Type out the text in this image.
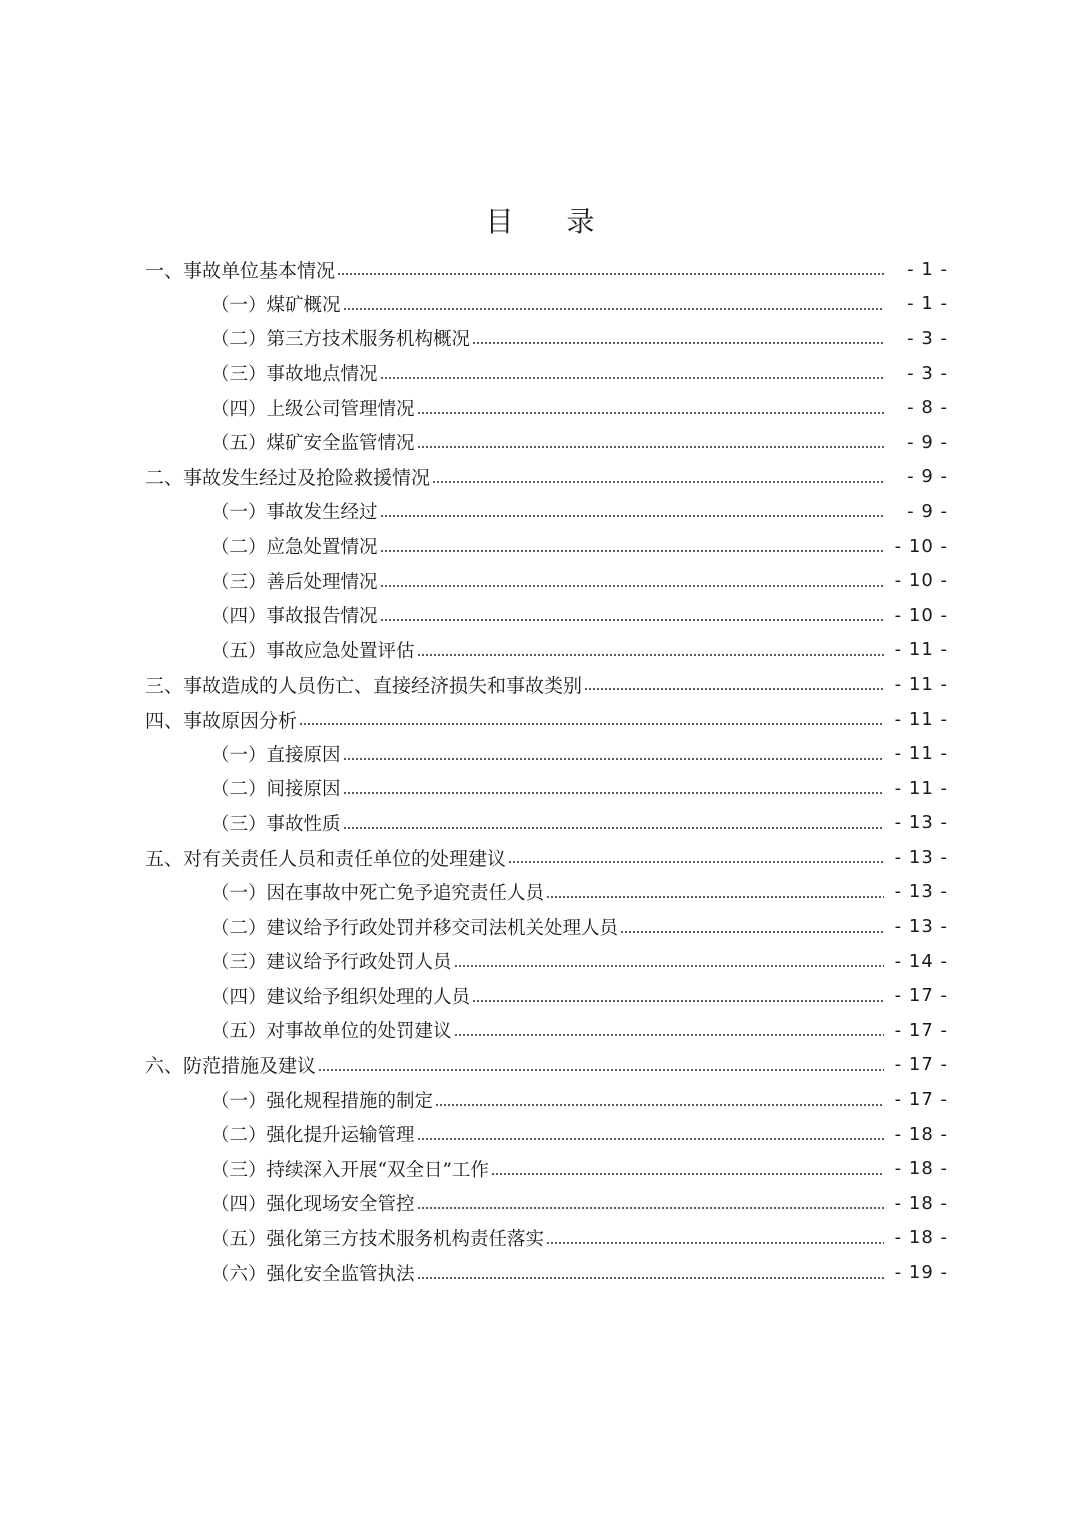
目 录
一、事故单位基本情况	- 1 -
（一）煤矿概况	- 1 -
（二）第三方技术服务机构概况	- 3 -
（三）事故地点情况	- 3 -
（四）上级公司管理情况	- 8 -
（五）煤矿安全监管情况	- 9 -
二、事故发生经过及抢险救援情况	- 9 -
（一）事故发生经过	- 9 -
（二）应急处置情况	- 10 -
（三）善后处理情况	- 10 -
（四）事故报告情况	- 10 -
（五）事故应急处置评估	- 11 -
三、事故造成的人员伤亡、直接经济损失和事故类别	- 11 -
四、事故原因分析	- 11 -
（一）直接原因	- 11 -
（二）间接原因	- 11 -
（三）事故性质	- 13 -
五、对有关责任人员和责任单位的处理建议	- 13 -
（一）因在事故中死亡免予追究责任人员	- 13 -
（二）建议给予行政处罚并移交司法机关处理人员	- 13 -
（三）建议给予行政处罚人员	- 14 -
（四）建议给予组织处理的人员	- 17 -
（五）对事故单位的处罚建议	- 17 -
六、防范措施及建议	- 17 -
（一）强化规程措施的制定	- 17 -
（二）强化提升运输管理	- 18 -
（三）持续深入开展“双全日”工作	- 18 -
（四）强化现场安全管控	- 18 -
（五）强化第三方技术服务机构责任落实	- 18 -
（六）强化安全监管执法	- 19 -
